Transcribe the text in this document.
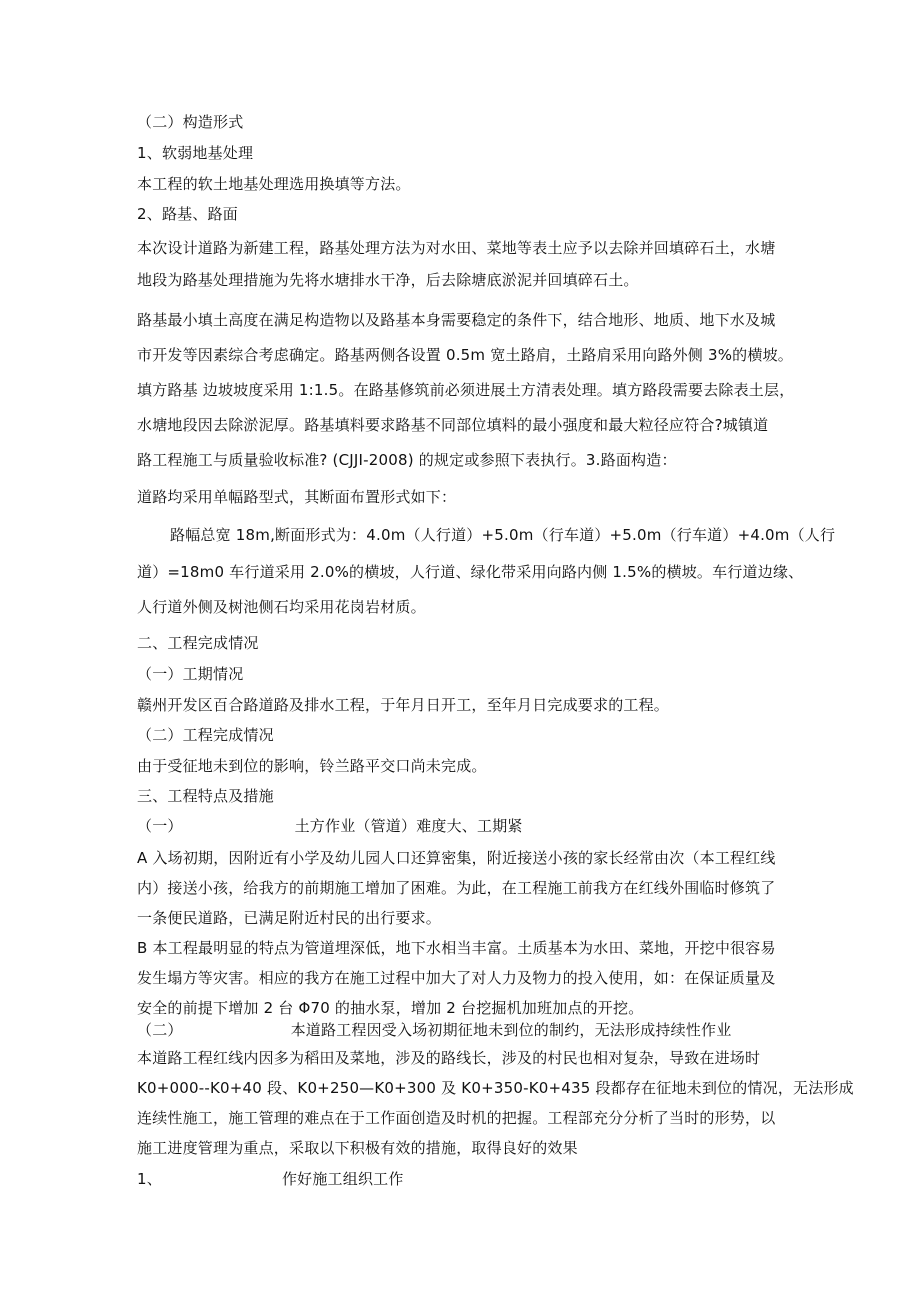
（二）构造形式
1、软弱地基处理
本工程的软土地基处理选用换填等方法。
2、路基、路面
本次设计道路为新建工程，路基处理方法为对水田、菜地等表土应予以去除并回填碎石土，水塘
地段为路基处理措施为先将水塘排水干净，后去除塘底淤泥并回填碎石土。
路基最小填土高度在满足构造物以及路基本身需要稳定的条件下，结合地形、地质、地下水及城
市开发等因素综合考虑确定。路基两侧各设置 0.5m 宽土路肩，土路肩采用向路外侧 3%的横坡。
填方路基 边坡坡度采用 1:1.5。在路基修筑前必须进展土方清表处理。填方路段需要去除表土层，
水塘地段因去除淤泥厚。路基填料要求路基不同部位填料的最小强度和最大粒径应符合?城镇道
路工程施工与质量验收标准? (CJJI-2008) 的规定或参照下表执行。3.路面构造：
道路均采用单幅路型式，其断面布置形式如下：
路幅总宽 18m,断面形式为：4.0m（人行道）+5.0m（行车道）+5.0m（行车道）+4.0m（人行
道）=18m0 车行道采用 2.0%的横坡，人行道、绿化带采用向路内侧 1.5%的横坡。车行道边缘、
人行道外侧及树池侧石均采用花岗岩材质。
二、工程完成情况
（一）工期情况
赣州开发区百合路道路及排水工程，于年月日开工，至年月日完成要求的工程。
（二）工程完成情况
由于受征地未到位的影响，铃兰路平交口尚未完成。
三、工程特点及措施
（一）	土方作业（管道）难度大、工期紧
A 入场初期，因附近有小学及幼儿园人口还算密集，附近接送小孩的家长经常由次（本工程红线
内）接送小孩，给我方的前期施工增加了困难。为此，在工程施工前我方在红线外围临时修筑了
一条便民道路，已满足附近村民的出行要求。
B 本工程最明显的特点为管道埋深低，地下水相当丰富。土质基本为水田、菜地，开挖中很容易
发生塌方等灾害。相应的我方在施工过程中加大了对人力及物力的投入使用，如：在保证质量及
安全的前提下增加 2 台 Φ70 的抽水泵，增加 2 台挖掘机加班加点的开挖。
（二）	本道路工程因受入场初期征地未到位的制约，无法形成持续性作业
本道路工程红线内因多为稻田及菜地，涉及的路线长，涉及的村民也相对复杂，导致在进场时
K0+000--K0+40 段、K0+250—K0+300 及 K0+350-K0+435 段都存在征地未到位的情况，无法形成
连续性施工，施工管理的难点在于工作面创造及时机的把握。工程部充分分析了当时的形势，以
施工进度管理为重点，采取以下积极有效的措施，取得良好的效果
1、	作好施工组织工作
